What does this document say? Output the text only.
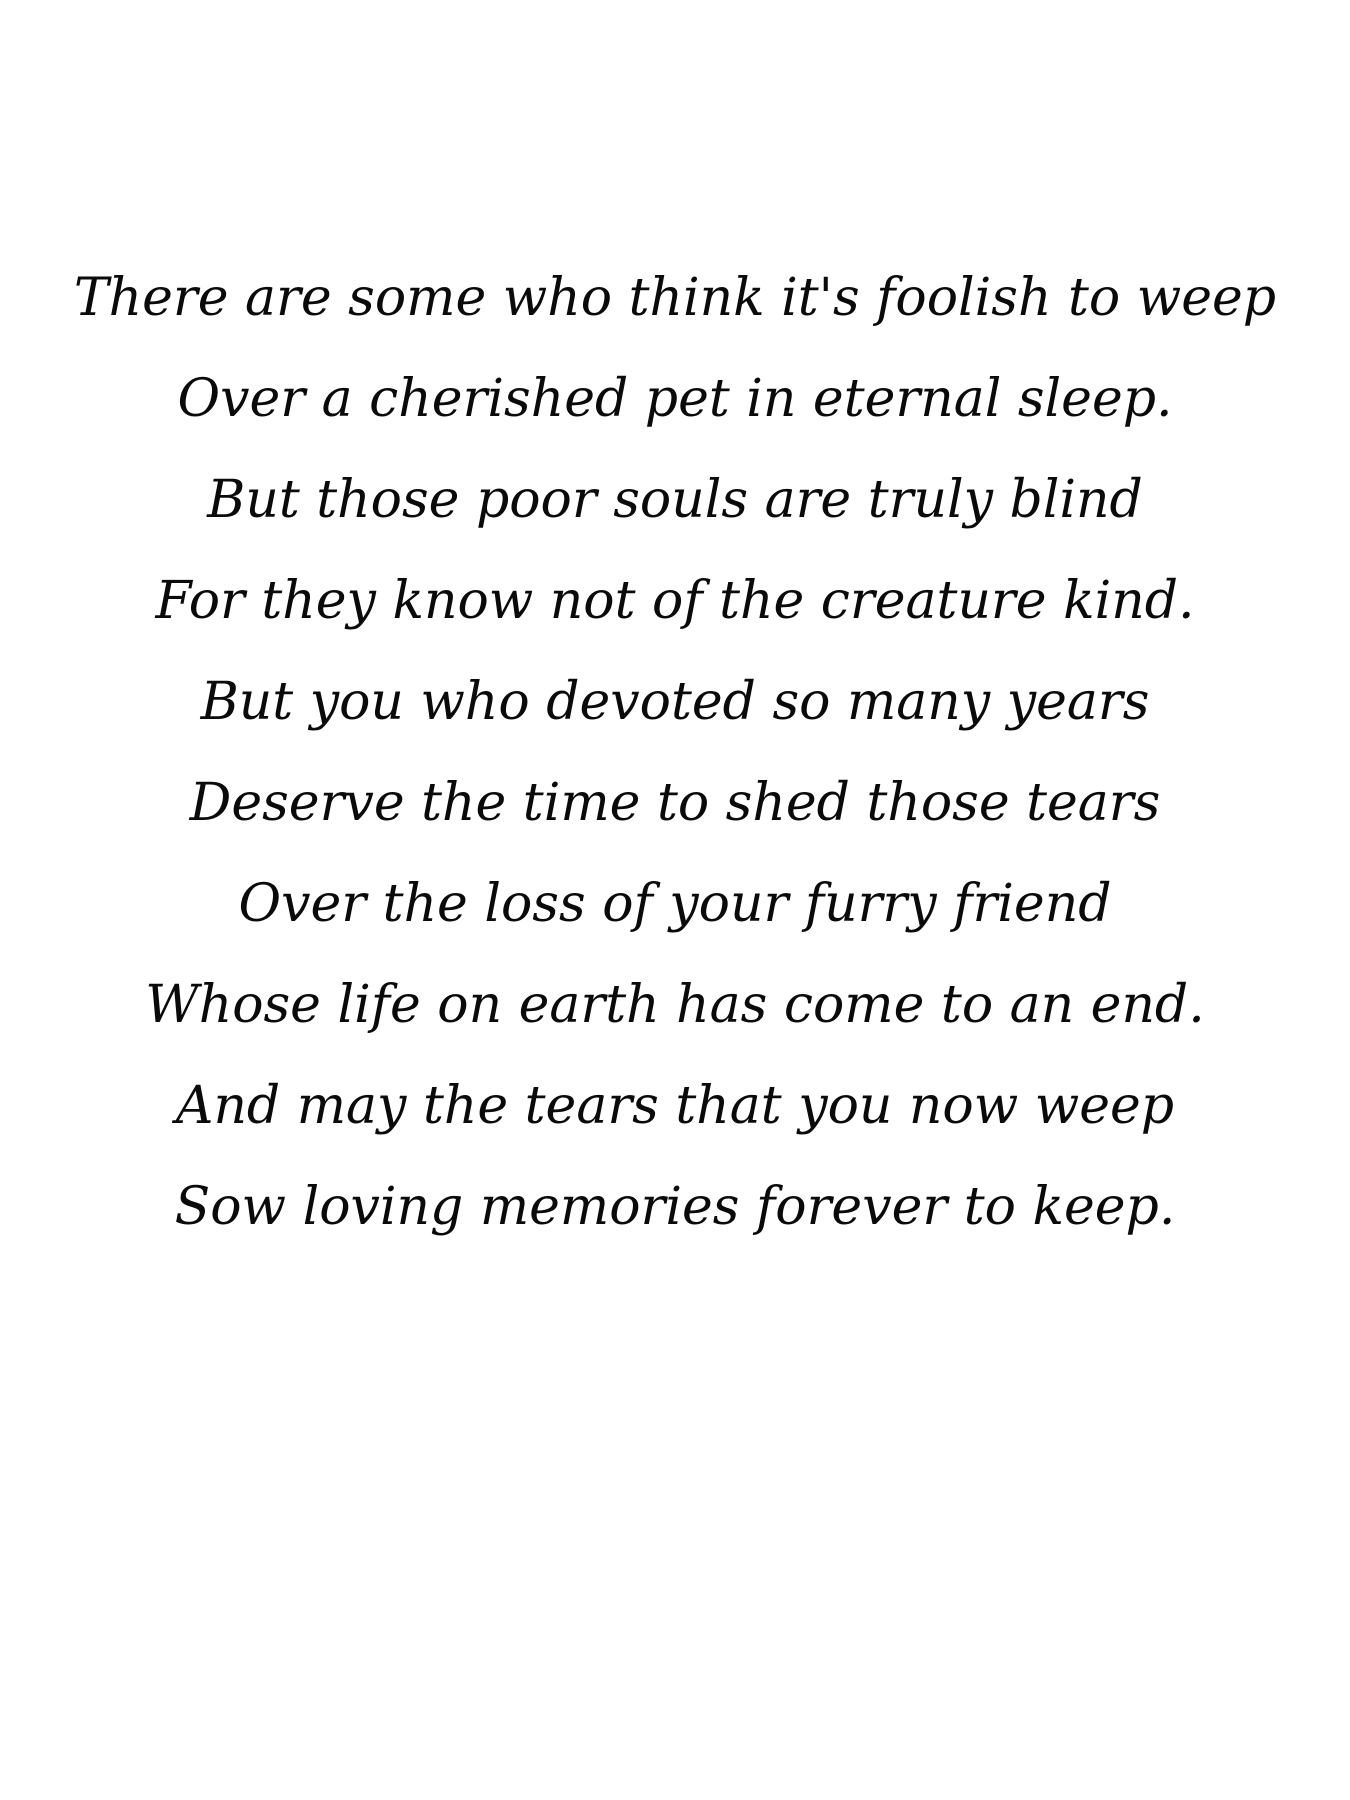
There are some who think it's foolish to weep
Over a cherished pet in eternal sleep.
But those poor souls are truly blind
For they know not of the creature kind.
But you who devoted so many years
Deserve the time to shed those tears
Over the loss of your furry friend
Whose life on earth has come to an end.
And may the tears that you now weep
Sow loving memories forever to keep.
